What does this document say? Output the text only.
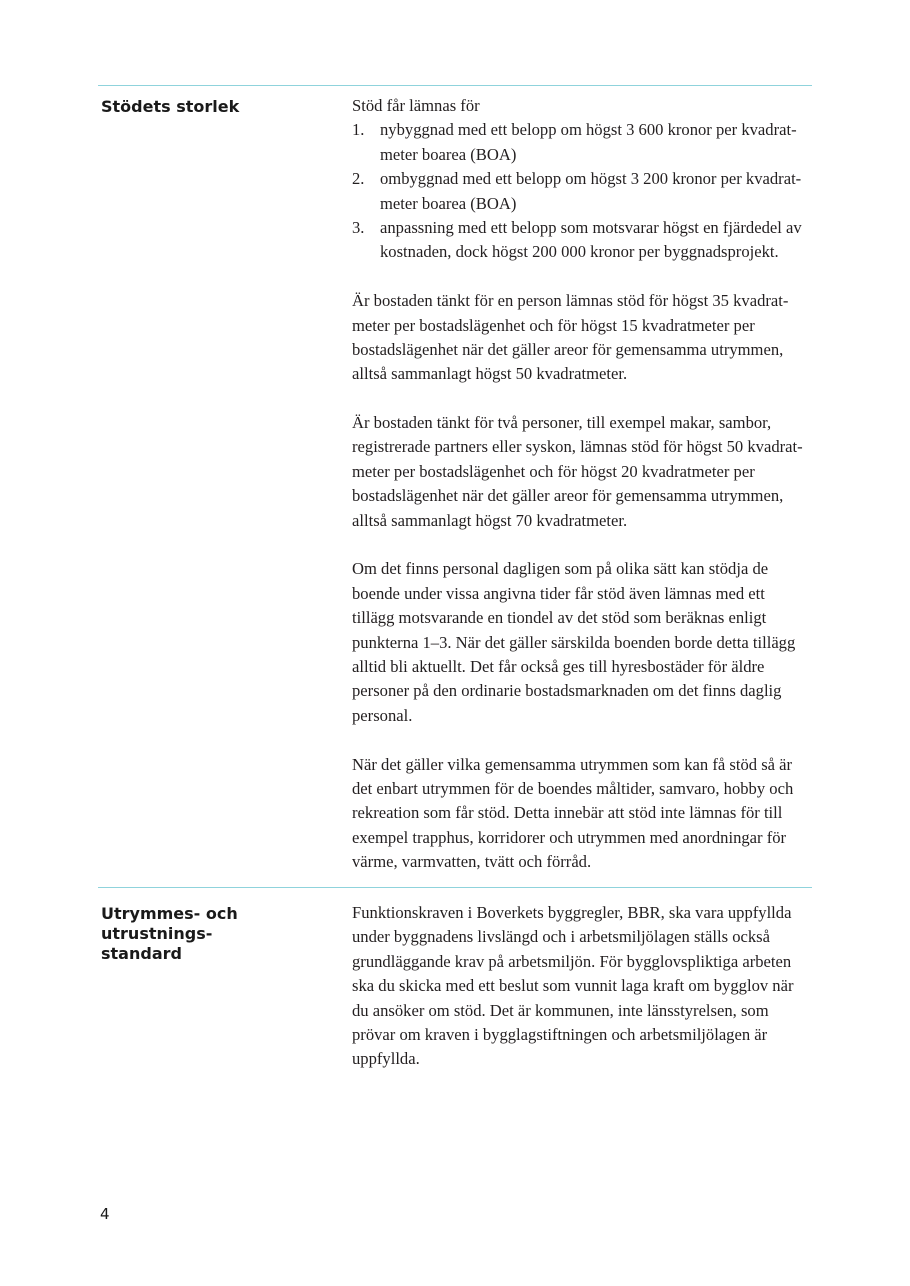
Stödets storlek	Stöd får lämnas för
1. nybyggnad med ett belopp om högst 3 600 kronor per kvadrat-
meter boarea (BOA)
2. ombyggnad med ett belopp om högst 3 200 kronor per kvadrat-
meter boarea (BOA)
3. anpassning med ett belopp som motsvarar högst en fjärdedel av
kostnaden, dock högst 200 000 kronor per byggnadsprojekt.
Är bostaden tänkt för en person lämnas stöd för högst 35 kvadrat-
meter per bostadslägenhet och för högst 15 kvadratmeter per
bostadslägenhet när det gäller areor för gemensamma utrymmen,
alltså sammanlagt högst 50 kvadratmeter.
Är bostaden tänkt för två personer, till exempel makar, sambor,
registrerade partners eller syskon, lämnas stöd för högst 50 kvadrat-
meter per bostadslägenhet och för högst 20 kvadratmeter per
bostadslägenhet när det gäller areor för gemensamma utrymmen,
alltså sammanlagt högst 70 kvadratmeter.
Om det finns personal dagligen som på olika sätt kan stödja de
boende under vissa angivna tider får stöd även lämnas med ett
tillägg motsvarande en tiondel av det stöd som beräknas enligt
punkterna 1–3. När det gäller särskilda boenden borde detta tillägg
alltid bli aktuellt. Det får också ges till hyresbostäder för äldre
personer på den ordinarie bostadsmarknaden om det finns daglig
personal.
När det gäller vilka gemensamma utrymmen som kan få stöd så är
det enbart utrymmen för de boendes måltider, samvaro, hobby och
rekreation som får stöd. Detta innebär att stöd inte lämnas för till
exempel trapphus, korridorer och utrymmen med anordningar för
värme, varmvatten, tvätt och förråd.
Utrymmes- och utrustnings-
standard
Funktionskraven i Boverkets byggregler, BBR, ska vara uppfyllda
under byggnadens livslängd och i arbetsmiljölagen ställs också
grundläggande krav på arbetsmiljön. För bygglovspliktiga arbeten
ska du skicka med ett beslut som vunnit laga kraft om bygglov när
du ansöker om stöd. Det är kommunen, inte länsstyrelsen, som
prövar om kraven i bygglagstiftningen och arbetsmiljölagen är
uppfyllda.
4
